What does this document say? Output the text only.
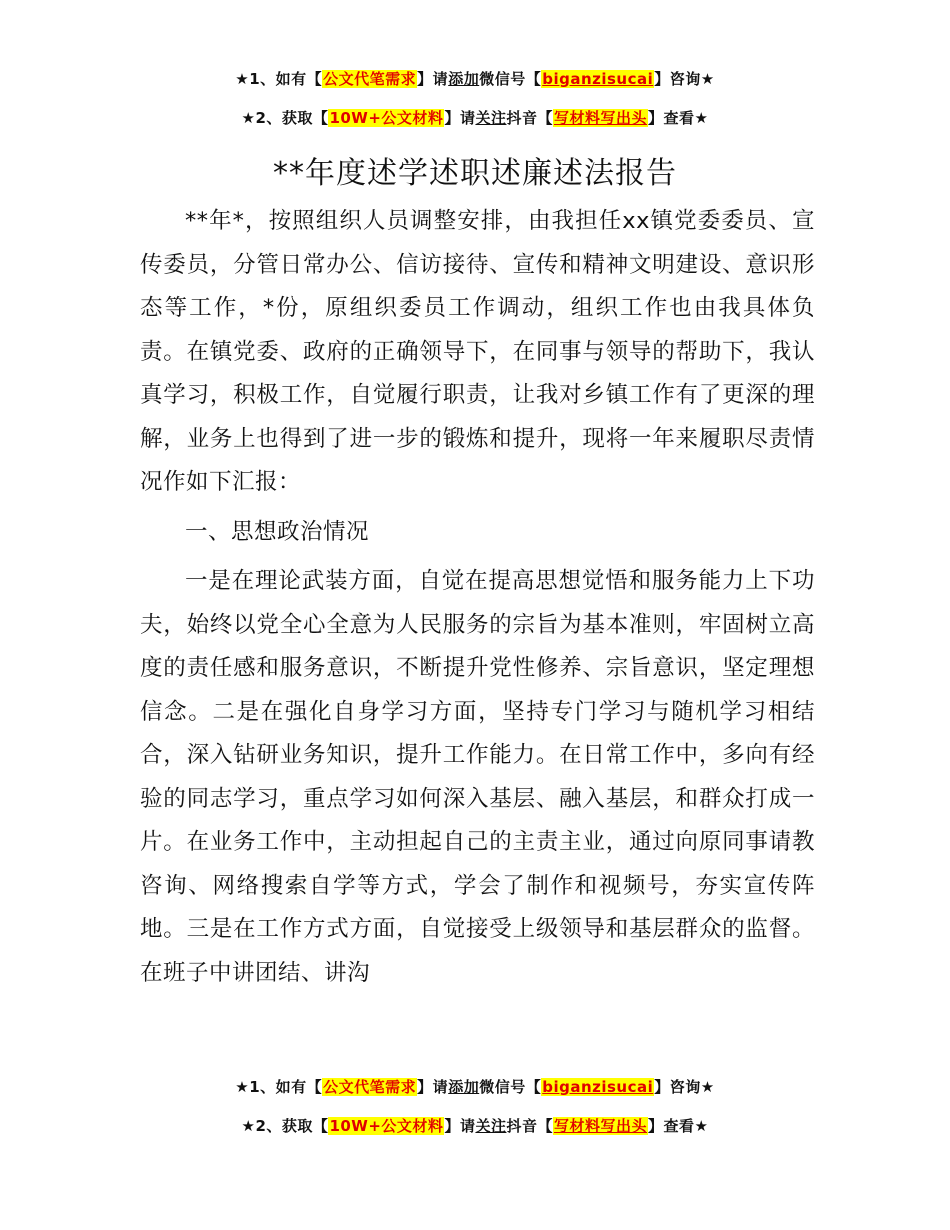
★1、如有【公文代笔需求】请添加微信号【biganzisucai】咨询★
★2、获取【10W+公文材料】请关注抖音【写材料写出头】查看★
**年度述学述职述廉述法报告

**年*，按照组织人员调整安排，由我担任xx镇党委委员、宣传委员，分管日常办公、信访接待、宣传和精神文明建设、意识形态等工作，*份，原组织委员工作调动，组织工作也由我具体负责。在镇党委、政府的正确领导下，在同事与领导的帮助下，我认真学习，积极工作，自觉履行职责，让我对乡镇工作有了更深的理解，业务上也得到了进一步的锻炼和提升，现将一年来履职尽责情况作如下汇报：

一、思想政治情况

一是在理论武装方面，自觉在提高思想觉悟和服务能力上下功夫，始终以党全心全意为人民服务的宗旨为基本准则，牢固树立高度的责任感和服务意识，不断提升党性修养、宗旨意识，坚定理想信念。二是在强化自身学习方面，坚持专门学习与随机学习相结合，深入钻研业务知识，提升工作能力。在日常工作中，多向有经验的同志学习，重点学习如何深入基层、融入基层，和群众打成一片。在业务工作中，主动担起自己的主责主业，通过向原同事请教咨询、网络搜索自学等方式，学会了制作和视频号，夯实宣传阵地。三是在工作方式方面，自觉接受上级领导和基层群众的监督。在班子中讲团结、讲沟

★1、如有【公文代笔需求】请添加微信号【biganzisucai】咨询★
★2、获取【10W+公文材料】请关注抖音【写材料写出头】查看★
